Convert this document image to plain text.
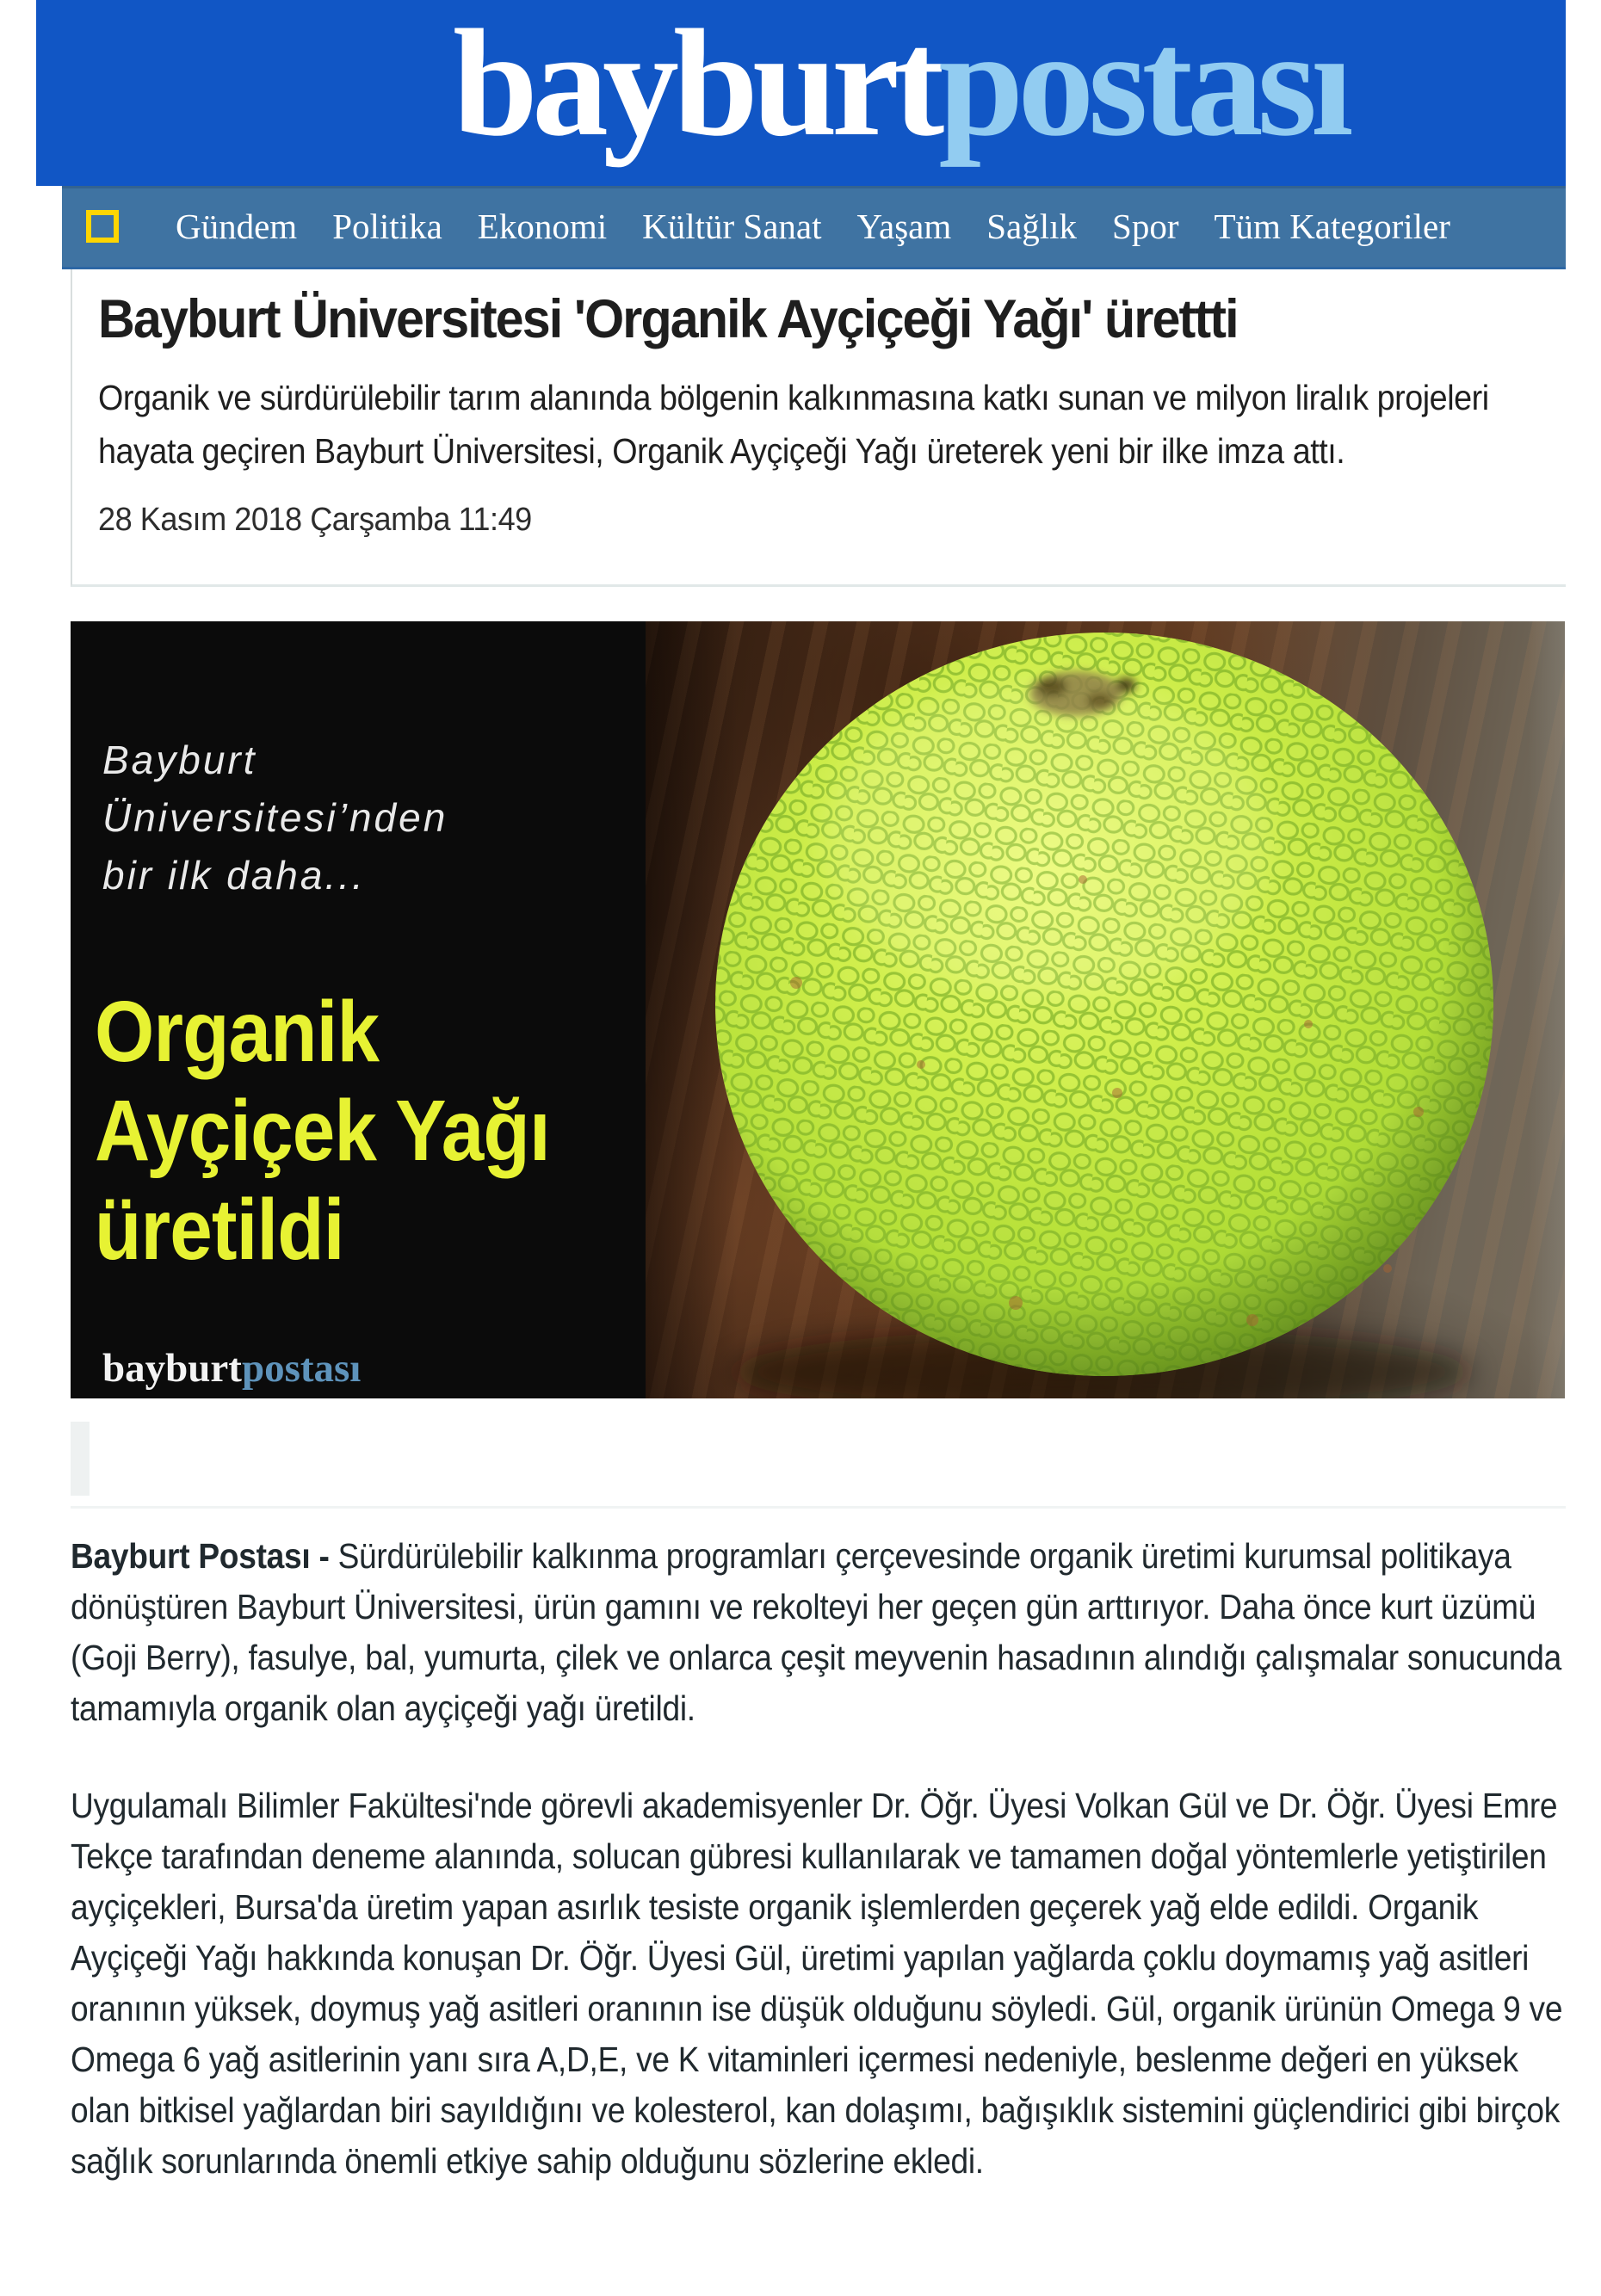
bayburtpostası
Gündem Politika Ekonomi Kültür Sanat Yaşam Sağlık Spor Tüm Kategoriler
Bayburt Üniversitesi 'Organik Ayçiçeği Yağı' ürettti
Organik ve sürdürülebilir tarım alanında bölgenin kalkınmasına katkı sunan ve milyon liralık projeleri hayata geçiren Bayburt Üniversitesi, Organik Ayçiçeği Yağı üreterek yeni bir ilke imza attı.
28 Kasım 2018 Çarşamba 11:49
Bayburt
Üniversitesi’nden
bir ilk daha...
Organik
Ayçiçek Yağı
üretildi
bayburtpostası

Bayburt Postası - Sürdürülebilir kalkınma programları çerçevesinde organik üretimi kurumsal politikaya dönüştüren Bayburt Üniversitesi, ürün gamını ve rekolteyi her geçen gün arttırıyor. Daha önce kurt üzümü (Goji Berry), fasulye, bal, yumurta, çilek ve onlarca çeşit meyvenin hasadının alındığı çalışmalar sonucunda tamamıyla organik olan ayçiçeği yağı üretildi.

Uygulamalı Bilimler Fakültesi'nde görevli akademisyenler Dr. Öğr. Üyesi Volkan Gül ve Dr. Öğr. Üyesi Emre Tekçe tarafından deneme alanında, solucan gübresi kullanılarak ve tamamen doğal yöntemlerle yetiştirilen ayçiçekleri, Bursa'da üretim yapan asırlık tesiste organik işlemlerden geçerek yağ elde edildi. Organik Ayçiçeği Yağı hakkında konuşan Dr. Öğr. Üyesi Gül, üretimi yapılan yağlarda çoklu doymamış yağ asitleri oranının yüksek, doymuş yağ asitleri oranının ise düşük olduğunu söyledi. Gül, organik ürünün Omega 9 ve Omega 6 yağ asitlerinin yanı sıra A,D,E, ve K vitaminleri içermesi nedeniyle, beslenme değeri en yüksek olan bitkisel yağlardan biri sayıldığını ve kolesterol, kan dolaşımı, bağışıklık sistemini güçlendirici gibi birçok sağlık sorunlarında önemli etkiye sahip olduğunu sözlerine ekledi.
